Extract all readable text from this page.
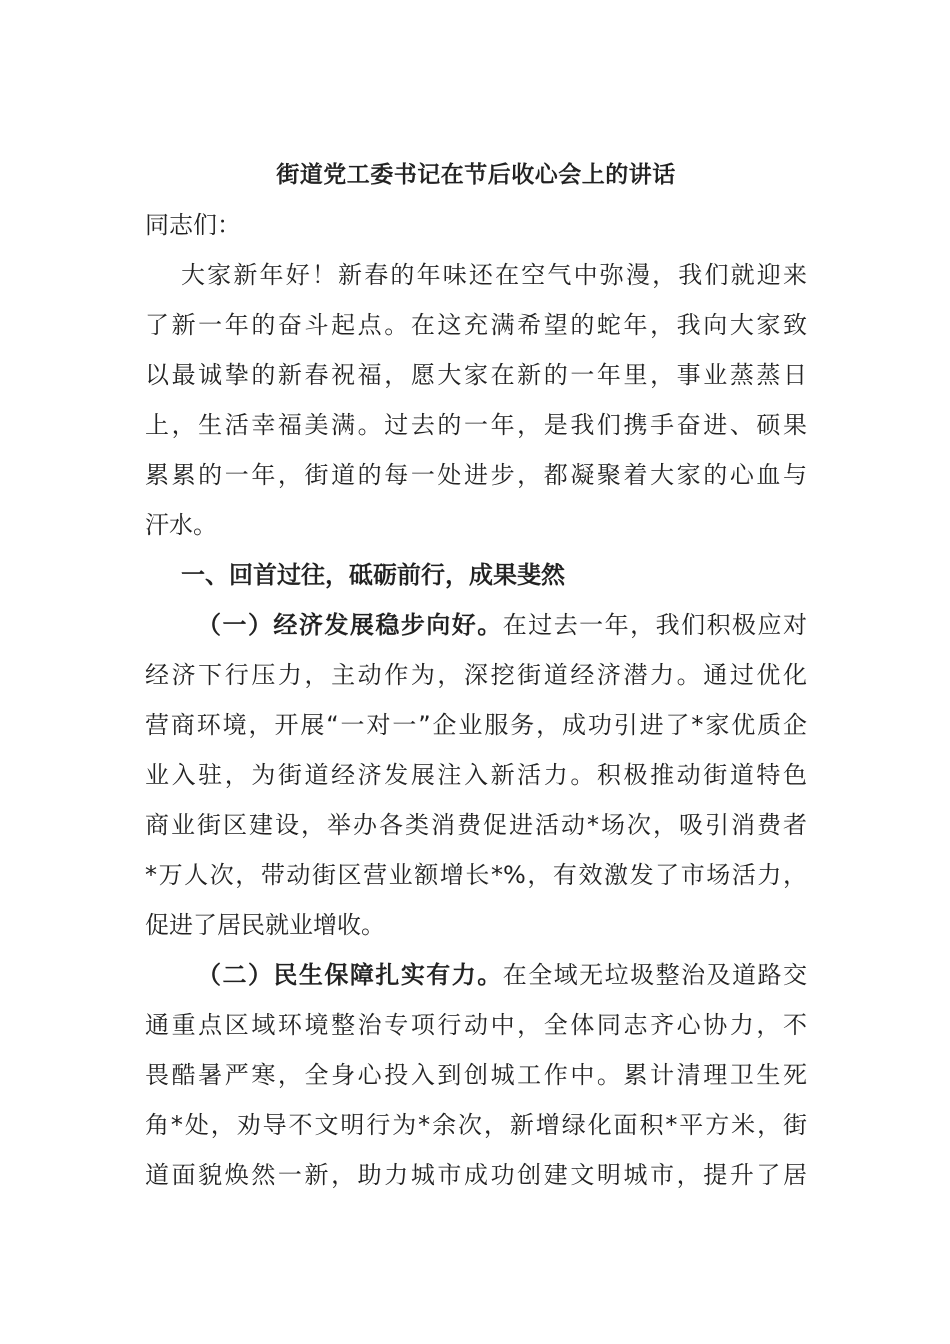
街道党工委书记在节后收心会上的讲话

同志们：

大家新年好！新春的年味还在空气中弥漫，我们就迎来

了新一年的奋斗起点。在这充满希望的蛇年，我向大家致

以最诚挚的新春祝福，愿大家在新的一年里，事业蒸蒸日

上，生活幸福美满。过去的一年，是我们携手奋进、硕果

累累的一年，街道的每一处进步，都凝聚着大家的心血与

汗水。

一、回首过往，砥砺前行，成果斐然

（一）经济发展稳步向好。在过去一年，我们积极应对

经济下行压力，主动作为，深挖街道经济潜力。通过优化

营商环境，开展“一对一”企业服务，成功引进了*家优质企

业入驻，为街道经济发展注入新活力。积极推动街道特色

商业街区建设，举办各类消费促进活动*场次，吸引消费者

*万人次，带动街区营业额增长*%，有效激发了市场活力，

促进了居民就业增收。

（二）民生保障扎实有力。在全域无垃圾整治及道路交

通重点区域环境整治专项行动中，全体同志齐心协力，不

畏酷暑严寒，全身心投入到创城工作中。累计清理卫生死

角*处，劝导不文明行为*余次，新增绿化面积*平方米，街

道面貌焕然一新，助力城市成功创建文明城市，提升了居
